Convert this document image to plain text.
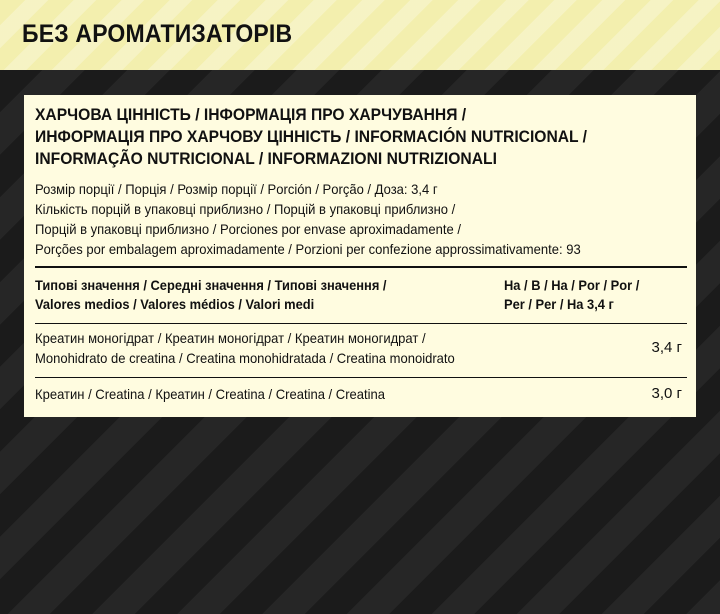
БЕЗ АРОМАТИЗАТОРІВ
ХАРЧОВА ЦІННІСТЬ / ІНФОРМАЦІЯ ПРО ХАРЧУВАННЯ /
ИНФОРМАЦІЯ ПРО ХАРЧОВУ ЦІННІСТЬ / INFORMACIÓN NUTRICIONAL /
INFORMAÇÃO NUTRICIONAL / INFORMAZIONI NUTRIZIONALI
Розмір порції / Порція / Розмір порції / Porción / Porção / Доза: 3,4 г
Кількість порцій в упаковці приблизно / Порцій в упаковці приблизно /
Порцій в упаковці приблизно / Porciones por envase aproximadamente /
Porções por embalagem aproximadamente / Porzioni per confezione approssimativamente: 93
Типові значення / Середні значення / Типові значення /
Valores medios / Valores médios / Valori medi
На / В / На / Por / Por /
Per / Per / На 3,4 г
Креатин моногідрат / Креатин моногідрат / Креатин моногидрат /
Monohidrato de creatina / Creatina monohidratada / Creatina monoidrato
3,4 г
Креатин / Creatina / Креатин / Creatina / Creatina / Creatina	3,0 г
